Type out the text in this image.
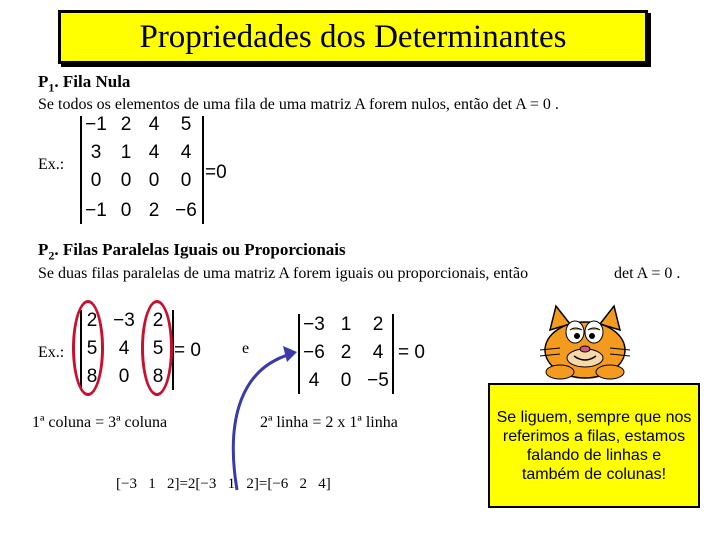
Propriedades dos Determinantes
$P_1$. Fila Nula
Se todos os elementos de uma fila de uma matriz A forem nulos, então det A = 0 .
Ex.:
−1 2 4	5
3	1 4	4
0	0 0	0
−1 0 2 −6
=0
$P_2$. Filas Paralelas Iguais ou Proporcionais
Se duas filas paralelas de uma matriz A forem iguais ou proporcionais, então	det A = 0 .
Ex.:
2 −3 2
5	4	5
8	0	8
= 0	e
−3 1	2
−6 2	4
4	0 −5
= 0
1ª coluna = 3ª coluna	2ª linha = 2 x 1ª linha
[−3   1   2]=2[−3   1   2]=[−6   2   4]
Se liguem, sempre que nos referimos a filas, estamos falando de linhas e também de colunas!
